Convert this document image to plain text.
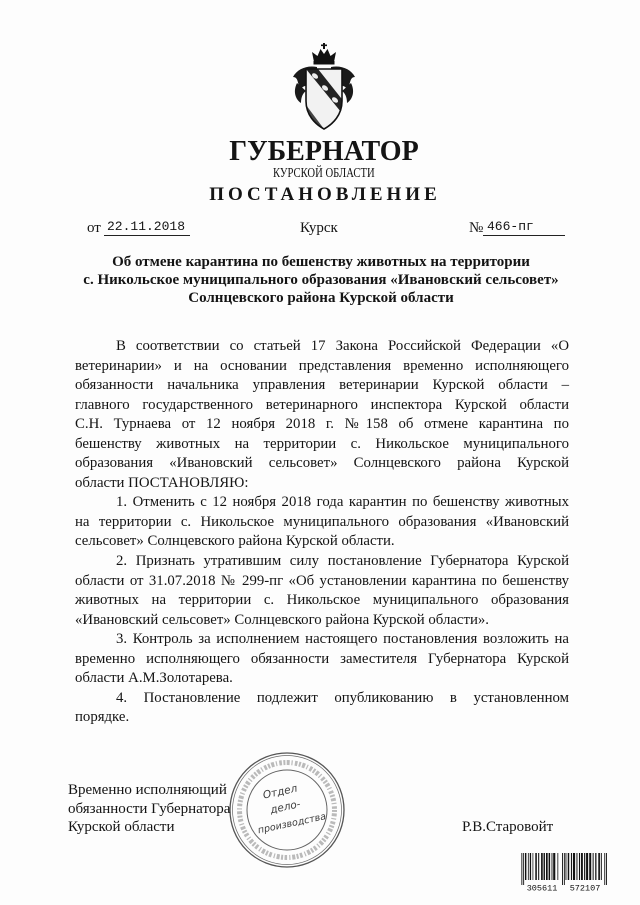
ГУБЕРНАТОР
КУРСКОЙ ОБЛАСТИ
ПОСТАНОВЛЕНИЕ
от 22.11.2018	Курск	№ 466-пг
Об отмене карантина по бешенству животных на территории
с. Никольское муниципального образования «Ивановский сельсовет»
Солнцевского района Курской области
В соответствии со статьей 17 Закона Российской Федерации «О
ветеринарии» и на основании представления временно исполняющего
обязанности начальника управления ветеринарии Курской области –
главного государственного ветеринарного инспектора Курской области
С.Н. Турнаева от 12 ноября 2018 г. №158 об отмене карантина по
бешенству животных на территории с. Никольское муниципального
образования «Ивановский сельсовет» Солнцевского района Курской
области ПОСТАНОВЛЯЮ:
1. Отменить с 12 ноября 2018 года карантин по бешенству животных
на территории с. Никольское муниципального образования «Ивановский
сельсовет» Солнцевского района Курской области.
2. Признать утратившим силу постановление Губернатора Курской
области от 31.07.2018 № 299-пг «Об установлении карантина по бешенству
животных на территории с. Никольское муниципального образования
«Ивановский сельсовет» Солнцевского района Курской области».
3. Контроль за исполнением настоящего постановления возложить на
временно исполняющего обязанности заместителя Губернатора Курской
области А.М.Золотарева.
4. Постановление подлежит опубликованию в установленном
порядке.
Временно исполняющий
обязанности Губернатора
Курской области	Р.В.Старовойт
Отдел
дело-
производства
305611 572107
